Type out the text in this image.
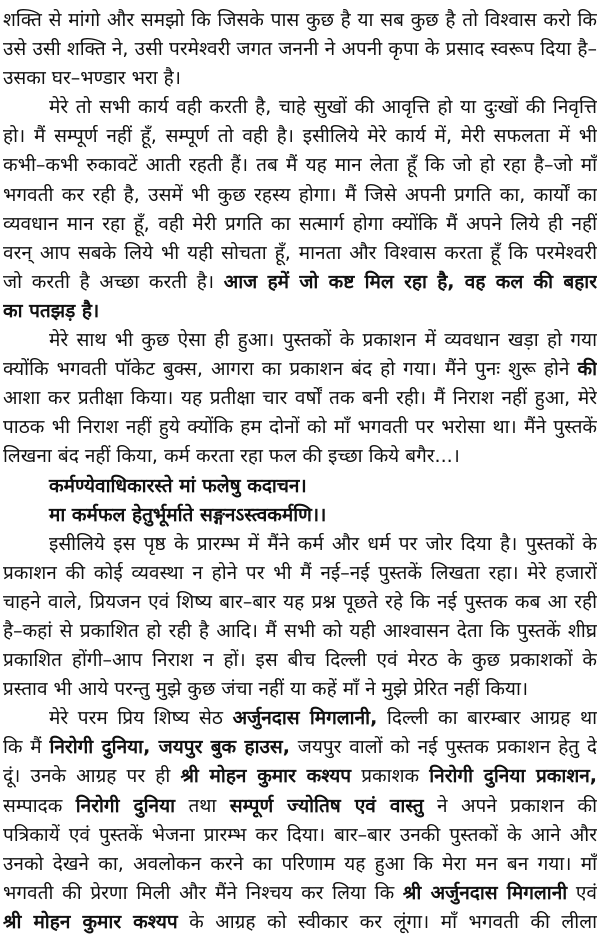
शक्ति से मांगो और समझो कि जिसके पास कुछ है या सब कुछ है तो विश्वास करो कि
उसे उसी शक्ति ने, उसी परमेश्वरी जगत जननी ने अपनी कृपा के प्रसाद स्वरूप दिया है–
उसका घर–भण्डार भरा है।
मेरे तो सभी कार्य वही करती है, चाहे सुखों की आवृत्ति हो या दुःखों की निवृत्ति
हो। मैं सम्पूर्ण नहीं हूँ, सम्पूर्ण तो वही है। इसीलिये मेरे कार्य में, मेरी सफलता में भी
कभी–कभी रुकावटें आती रहती हैं। तब मैं यह मान लेता हूँ कि जो हो रहा है–जो माँ
भगवती कर रही है, उसमें भी कुछ रहस्य होगा। मैं जिसे अपनी प्रगति का, कार्यों का
व्यवधान मान रहा हूँ, वही मेरी प्रगति का सत्मार्ग होगा क्योंकि मैं अपने लिये ही नहीं
वरन् आप सबके लिये भी यही सोचता हूँ, मानता और विश्वास करता हूँ कि परमेश्वरी
जो करती है अच्छा करती है। आज हमें जो कष्ट मिल रहा है, वह कल की बहार
का पतझड़ है।
मेरे साथ भी कुछ ऐसा ही हुआ। पुस्तकों के प्रकाशन में व्यवधान खड़ा हो गया
क्योंकि भगवती पॉकेट बुक्स, आगरा का प्रकाशन बंद हो गया। मैंने पुनः शुरू होने की
आशा कर प्रतीक्षा किया। यह प्रतीक्षा चार वर्षों तक बनी रही। मैं निराश नहीं हुआ, मेरे
पाठक भी निराश नहीं हुये क्योंकि हम दोनों को माँ भगवती पर भरोसा था। मैंने पुस्तकें
लिखना बंद नहीं किया, कर्म करता रहा फल की इच्छा किये बगैर...।
कर्मण्येवाधिकारस्ते मां फलेषु कदाचन।
मा कर्मफल हेतुर्भूर्माते सङ्गनऽस्त्वकर्मणि।।
इसीलिये इस पृष्ठ के प्रारम्भ में मैंने कर्म और धर्म पर जोर दिया है। पुस्तकों के
प्रकाशन की कोई व्यवस्था न होने पर भी मैं नई–नई पुस्तकें लिखता रहा। मेरे हजारों
चाहने वाले, प्रियजन एवं शिष्य बार–बार यह प्रश्न पूछते रहे कि नई पुस्तक कब आ रही
है–कहां से प्रकाशित हो रही है आदि। मैं सभी को यही आश्वासन देता कि पुस्तकें शीघ्र
प्रकाशित होंगी–आप निराश न हों। इस बीच दिल्ली एवं मेरठ के कुछ प्रकाशकों के
प्रस्ताव भी आये परन्तु मुझे कुछ जंचा नहीं या कहें माँ ने मुझे प्रेरित नहीं किया।
मेरे परम प्रिय शिष्य सेठ अर्जुनदास मिगलानी, दिल्ली का बारम्बार आग्रह था
कि मैं निरोगी दुनिया, जयपुर बुक हाउस, जयपुर वालों को नई पुस्तक प्रकाशन हेतु दे
दूं। उनके आग्रह पर ही श्री मोहन कुमार कश्यप प्रकाशक निरोगी दुनिया प्रकाशन,
सम्पादक निरोगी दुनिया तथा सम्पूर्ण ज्योतिष एवं वास्तु ने अपने प्रकाशन की
पत्रिकायें एवं पुस्तकें भेजना प्रारम्भ कर दिया। बार–बार उनकी पुस्तकों के आने और
उनको देखने का, अवलोकन करने का परिणाम यह हुआ कि मेरा मन बन गया। माँ
भगवती की प्रेरणा मिली और मैंने निश्चय कर लिया कि श्री अर्जुनदास मिगलानी एवं
श्री मोहन कुमार कश्यप के आग्रह को स्वीकार कर लूंगा। माँ भगवती की लीला
